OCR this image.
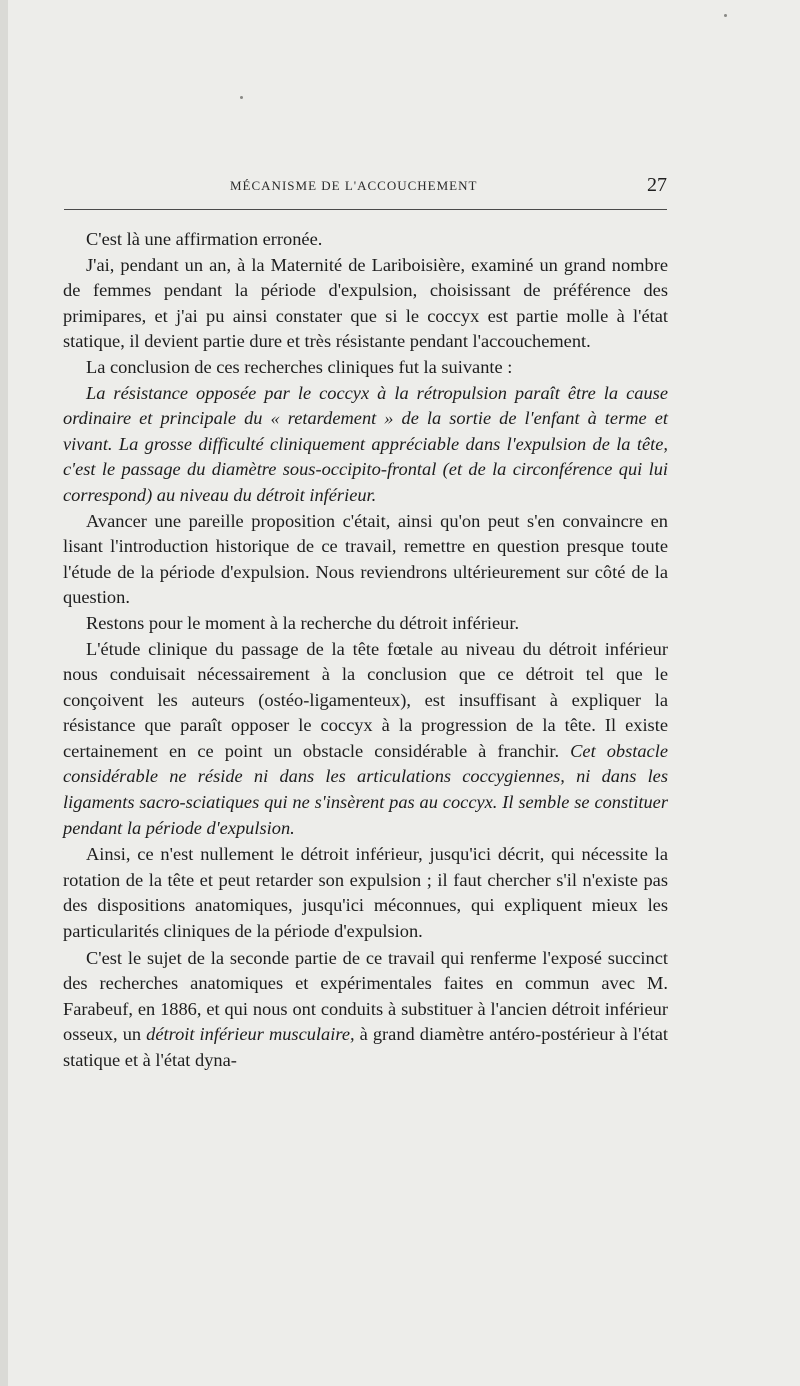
MÉCANISME DE L'ACCOUCHEMENT	27

C'est là une affirmation erronée.

J'ai, pendant un an, à la Maternité de Lariboisière, examiné un grand nombre de femmes pendant la période d'expulsion, choisissant de préférence des primipares, et j'ai pu ainsi constater que si le coccyx est partie molle à l'état statique, il devient partie dure et très résistante pendant l'accouchement.

La conclusion de ces recherches cliniques fut la suivante :

La résistance opposée par le coccyx à la rétropulsion paraît être la cause ordinaire et principale du « retardement » de la sortie de l'enfant à terme et vivant. La grosse difficulté cliniquement appréciable dans l'expulsion de la tête, c'est le passage du diamètre sous-occipito-frontal (et de la circonférence qui lui correspond) au niveau du détroit inférieur.

Avancer une pareille proposition c'était, ainsi qu'on peut s'en convaincre en lisant l'introduction historique de ce travail, remettre en question presque toute l'étude de la période d'expulsion. Nous reviendrons ultérieurement sur côté de la question.

Restons pour le moment à la recherche du détroit inférieur.

L'étude clinique du passage de la tête fœtale au niveau du détroit inférieur nous conduisait nécessairement à la conclusion que ce détroit tel que le conçoivent les auteurs (ostéo-ligamenteux), est insuffisant à expliquer la résistance que paraît opposer le coccyx à la progression de la tête. Il existe certainement en ce point un obstacle considérable à franchir. Cet obstacle considérable ne réside ni dans les articulations coccygiennes, ni dans les ligaments sacro-sciatiques qui ne s'insèrent pas au coccyx. Il semble se constituer pendant la période d'expulsion.

Ainsi, ce n'est nullement le détroit inférieur, jusqu'ici décrit, qui nécessite la rotation de la tête et peut retarder son expulsion ; il faut chercher s'il n'existe pas des dispositions anatomiques, jusqu'ici méconnues, qui expliquent mieux les particularités cliniques de la période d'expulsion.

C'est le sujet de la seconde partie de ce travail qui renferme l'exposé succinct des recherches anatomiques et expérimentales faites en commun avec M. Farabeuf, en 1886, et qui nous ont conduits à substituer à l'ancien détroit inférieur osseux, un détroit inférieur musculaire, à grand diamètre antéro-postérieur à l'état statique et à l'état dyna-
